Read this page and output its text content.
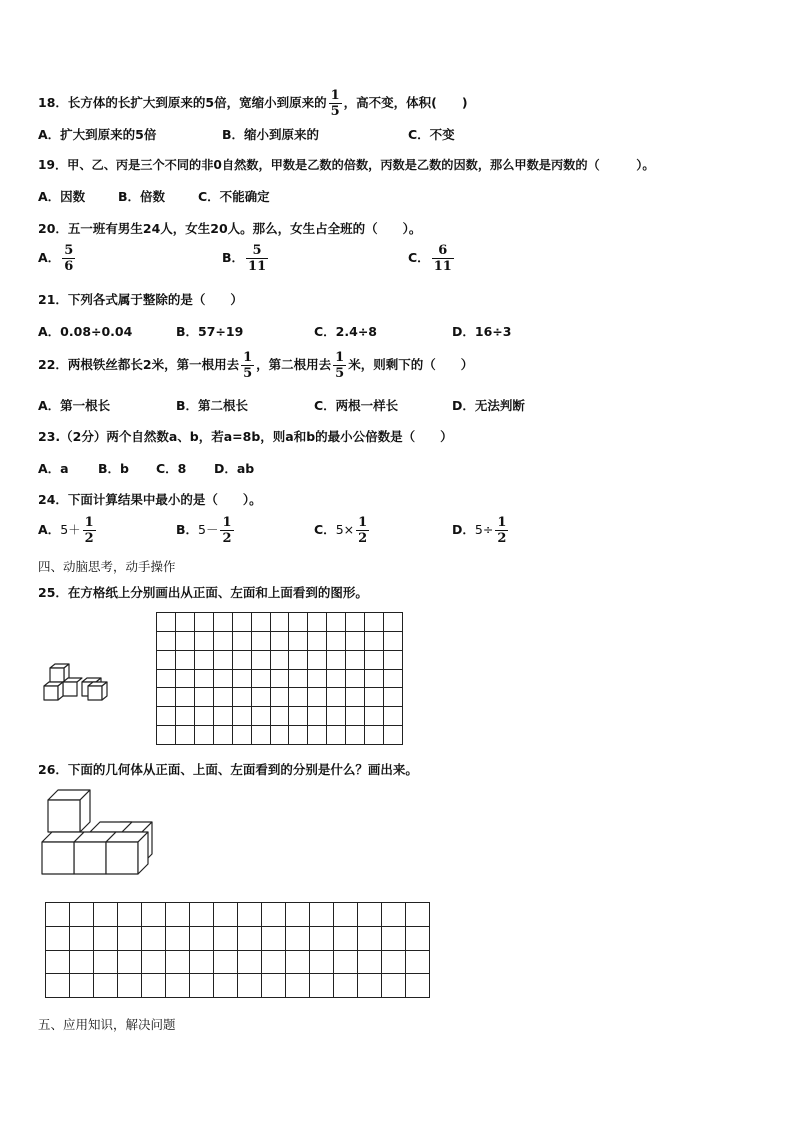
18．长方体的长扩大到原来的5倍，宽缩小到原来的 $\frac{1}{5}$ ，高不变，体积(　　)
A．扩大到原来的5倍	B．缩小到原来的	C．不变
19．甲、乙、丙是三个不同的非0自然数，甲数是乙数的倍数，丙数是乙数的因数，那么甲数是丙数的（　　　）。
A．因数	B．倍数	C．不能确定
20．五一班有男生24人，女生20人。那么，女生占全班的（　　）。
A． $\frac{5}{6}$	B． $\frac{5}{11}$	C． $\frac{6}{11}$
21．下列各式属于整除的是（　　）
A．0.08÷0.04	B．57÷19	C．2.4÷8	D．16÷3
22．两根铁丝都长2米，第一根用去 $\frac{1}{5}$ ，第二根用去 $\frac{1}{5}$ 米，则剩下的（　　）
A．第一根长	B．第二根长	C．两根一样长	D．无法判断
23.（2分）两个自然数a、b，若a=8b，则a和b的最小公倍数是（　　）
A．a B．b C．8 D．ab
24．下面计算结果中最小的是（　　）。
A．$5+ \frac{1}{2}$	B．$5- \frac{1}{2}$	C．$5\times \frac{1}{2}$	D．$5\div \frac{1}{2}$
四、动脑思考，动手操作
25．在方格纸上分别画出从正面、左面和上面看到的图形。

26．下面的几何体从正面、上面、左面看到的分别是什么？画出来。

五、应用知识，解决问题
